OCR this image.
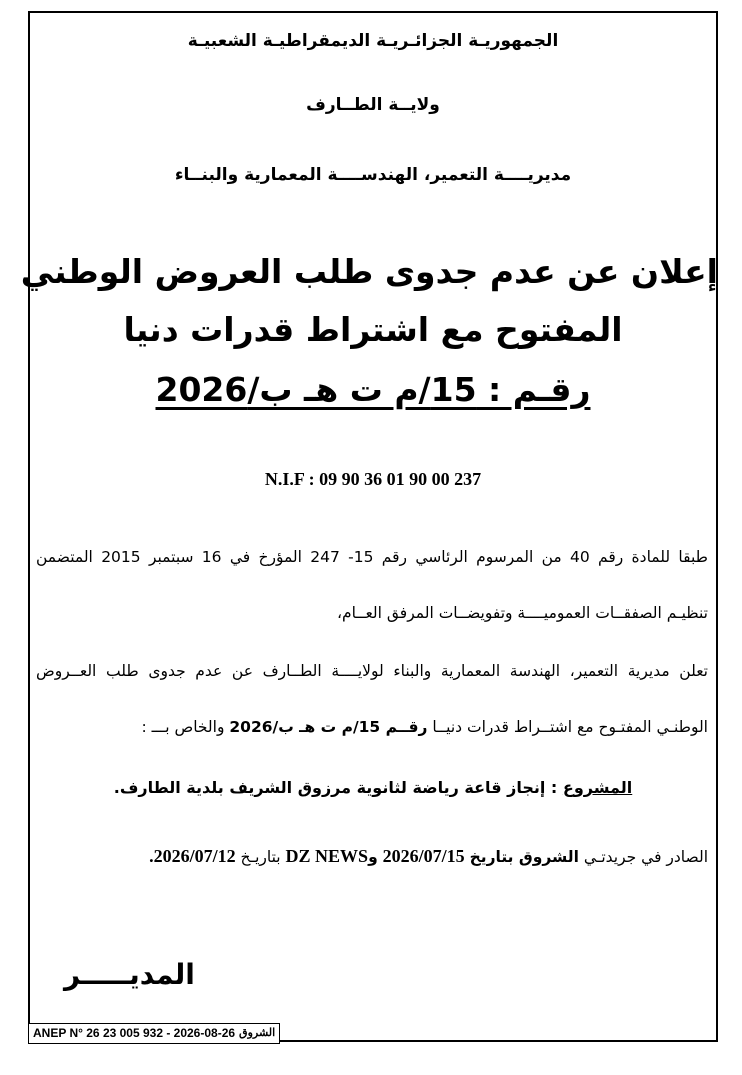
الجمهوريـة الجزائـريـة الديمقراطيـة الشعبيـة
ولايــة الطــارف
مديريــــة التعمير، الهندســــة المعمارية والبنــاء
إعلان عن عدم جدوى طلب العروض الوطني
المفتوح مع اشتراط قدرات دنيا
رقـم : 15/م ت هـ ب/2026
N.I.F : 09 90 36 01 90 00 237
طبقا للمادة رقم 40 من المرسوم الرئاسي رقم 15- 247 المؤرخ في 16 سبتمبر 2015 المتضمن
تنظيـم الصفقــات العموميــــة وتفويضــات المرفق العــام،
تعلن مديرية التعمير، الهندسة المعمارية والبناء لولايــــة الطــارف عن عدم جدوى طلب العــروض
الوطنـي المفتـوح مع اشتــراط قدرات دنيــا رقــم 15/م ت هـ ب/2026 والخاص بـــ :
المشروع : إنجاز قاعة رياضة لثانوية مرزوق الشريف بلدية الطارف.
الصادر في جريدتـي الشروق بتاريخ 2026/07/15 وDZ NEWS بتاريـخ 2026/07/12.
المديـــــر
ANEP N° 26 23 005 932 - 2026-08-26 الشروق
